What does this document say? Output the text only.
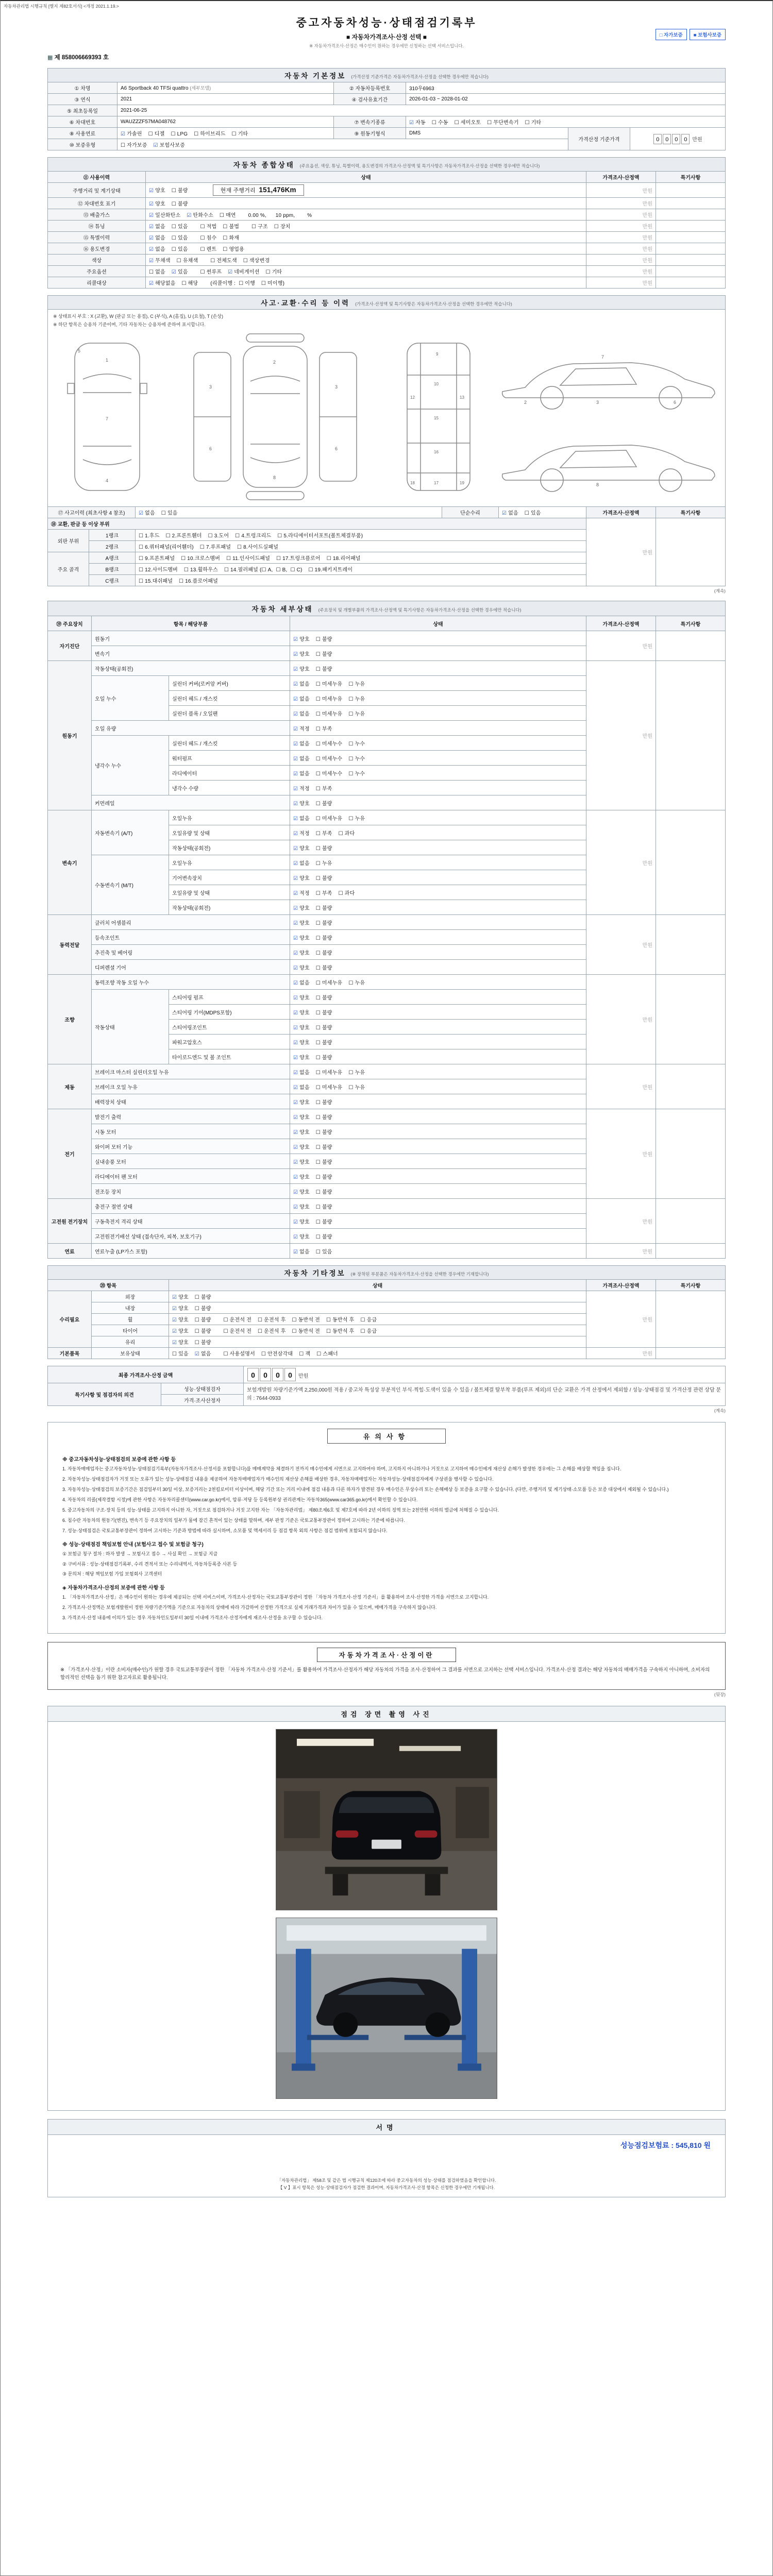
자동차관리법 시행규칙 [별지 제82호서식] <개정 2021.1.19.>
□ 자가보증	■ 보험사보증
중고자동차성능·상태점검기록부
■ 자동차가격조사·산정 선택 ■
※ 자동차가격조사·산정은 매수인이 원하는 경우에만 신청하는 선택 서비스입니다.
▦ 제 858006669393 호
자동차 기본정보 (가격산정 기준가격은 자동차가격조사·산정을 선택한 경우에만 적습니다)					
① 차명	A6 Sportback 40 TFSi quattro (세부모델)	② 자동차등록번호	310우6963		
③ 연식	2021	④ 검사유효기간	2026-01-03 ~ 2028-01-02		
⑤ 최초등록일	2021-06-25				
⑥ 차대번호	WAUZZZF57MA048762	⑦ 변속기종류	☑ 자동    ☐ 수동    ☐ 세미오토    ☐ 무단변속기    ☐ 기타		
⑧ 사용연료	☑ 가솔린    ☐ 디젤    ☐ LPG    ☐ 하이브리드    ☐ 기타	⑨ 원동기형식	DMS	가격산정 기준가격	0 0 0 0 만원
⑩ 보증유형	☐ 자가보증    ☑ 보험사보증				
자동차 종합상태 (주요옵션, 색상, 튜닝, 특별이력, 용도변경의 가격조사·산정액 및 특기사항은 자동차가격조사·산정을 선택한 경우에만 적습니다)			
⑪ 사용이력	상태	가격조사·산정액	특기사항
주행거리 및 계기상태	☑ 양호    ☐ 불량 현재 주행거리  151,476Km	만원	
⑫ 차대번호 표기	☑ 양호    ☐ 불량	만원	
⑬ 배출가스	☑ 일산화탄소    ☑ 탄화수소    ☐ 매연        0.00 %,      10 ppm,        %	만원	
⑭ 튜닝	☑ 없음    ☐ 있음        ☐ 적법    ☐ 불법        ☐ 구조    ☐ 장치	만원	
⑮ 특별이력	☑ 없음    ☐ 있음        ☐ 침수    ☐ 화재	만원	
⑯ 용도변경	☑ 없음    ☐ 있음        ☐ 렌트    ☐ 영업용	만원	
색상	☑ 무채색    ☐ 유채색        ☐ 전체도색    ☐ 색상변경	만원	
주요옵션	☐ 없음    ☑ 있음        ☐ 썬루프    ☑ 네비게이션    ☐ 기타	만원	
리콜대상	☑ 해당없음    ☐ 해당        (리콜이행 :  ☐ 이행    ☐ 미이행)	만원	
사고·교환·수리 등 이력 (가격조사·산정액 및 특기사항은 자동차가격조사·산정을 선택한 경우에만 적습니다)						

※ 상태표시 부호 : X (교환), W (판금 또는 용접), C (부식), A (흠집), U (요철), T (손상)
※ 하단 항목은 승용차 기준이며, 기타 자동차는 승용차에 준하여 표시합니다.
1
7
4
5
3
6
3
6
2
8
9
10
15
12	13
16
17
18	19
7
2	3	6
8

⑰ 사고이력 (최초사항 4 참조)		☑ 없음    ☐ 있음	단순수리	☑ 없음    ☐ 있음	가격조사·산정액	특기사항
⑱ 교환, 판금 등 이상 부위					만원	
외판 부위	1랭크	☐ 1.후드    ☐ 2.프론트휀더    ☐ 3.도어    ☐ 4.트렁크리드    ☐ 5.라디에이터서포트(볼트체결부품)				
	2랭크	☐ 6.쿼터패널(리어휀더)    ☐ 7.루프패널    ☐ 8.사이드실패널				
주요 골격	A랭크	☐ 9.프론트패널    ☐ 10.크로스멤버    ☐ 11.인사이드패널    ☐ 17.트렁크플로어    ☐ 18.리어패널				
	B랭크	☐ 12.사이드멤버    ☐ 13.휠하우스    ☐ 14.필러패널 (☐ A,  ☐ B,  ☐ C)    ☐ 19.패키지트레이				
	C랭크	☐ 15.대쉬패널    ☐ 16.플로어패널				
(계속)
자동차 세부상태 (주요장치 및 개별부품의 가격조사·산정액 및 특기사항은 자동차가격조사·산정을 선택한 경우에만 적습니다)					
⑲ 주요장치	항목 / 해당부품		상태	가격조사·산정액	특기사항
자기진단	원동기		☑ 양호    ☐ 불량	만원	
	변속기		☑ 양호    ☐ 불량		
원동기	작동상태(공회전)		☑ 양호    ☐ 불량	만원	
	오일 누수	실린더 커버(로커암 커버)	☑ 없음    ☐ 미세누유    ☐ 누유		
		실린더 헤드 / 개스킷	☑ 없음    ☐ 미세누유    ☐ 누유		
		실린더 블록 / 오일팬	☑ 없음    ☐ 미세누유    ☐ 누유		
	오일 유량		☑ 적정    ☐ 부족		
	냉각수 누수	실린더 헤드 / 개스킷	☑ 없음    ☐ 미세누수    ☐ 누수		
		워터펌프	☑ 없음    ☐ 미세누수    ☐ 누수		
		라디에이터	☑ 없음    ☐ 미세누수    ☐ 누수		
		냉각수 수량	☑ 적정    ☐ 부족		
	커먼레일		☑ 양호    ☐ 불량		
변속기	자동변속기 (A/T)	오일누유	☑ 없음    ☐ 미세누유    ☐ 누유	만원	
		오일유량 및 상태	☑ 적정    ☐ 부족    ☐ 과다		
		작동상태(공회전)	☑ 양호    ☐ 불량		
	수동변속기 (M/T)	오일누유	☑ 없음    ☐ 누유		
		기어변속장치	☑ 양호    ☐ 불량		
		오일유량 및 상태	☑ 적정    ☐ 부족    ☐ 과다		
		작동상태(공회전)	☑ 양호    ☐ 불량		
동력전달	클러치 어셈블리		☑ 양호    ☐ 불량	만원	
	등속조인트		☑ 양호    ☐ 불량		
	추진축 및 베어링		☑ 양호    ☐ 불량		
	디퍼렌셜 기어		☑ 양호    ☐ 불량		
조향	동력조향 작동 오일 누수		☑ 없음    ☐ 미세누유    ☐ 누유	만원	
	작동상태	스티어링 펌프	☑ 양호    ☐ 불량		
		스티어링 기어(MDPS포함)	☑ 양호    ☐ 불량		
		스티어링조인트	☑ 양호    ☐ 불량		
		파워고압호스	☑ 양호    ☐ 불량		
		타이로드엔드 및 볼 조인트	☑ 양호    ☐ 불량		
제동	브레이크 마스터 실린더오일 누유		☑ 없음    ☐ 미세누유    ☐ 누유	만원	
	브레이크 오일 누유		☑ 없음    ☐ 미세누유    ☐ 누유		
	배력장치 상태		☑ 양호    ☐ 불량		
전기	발전기 출력		☑ 양호    ☐ 불량	만원	
	시동 모터		☑ 양호    ☐ 불량		
	와이퍼 모터 기능		☑ 양호    ☐ 불량		
	실내송풍 모터		☑ 양호    ☐ 불량		
	라디에이터 팬 모터		☑ 양호    ☐ 불량		
	전조등 장치		☑ 양호    ☐ 불량		
고전원 전기장치	충전구 절연 상태		☑ 양호    ☐ 불량	만원	
	구동축전지 격리 상태		☑ 양호    ☐ 불량		
	고전원전기배선 상태 (접속단자, 피복, 보호기구)		☑ 양호    ☐ 불량		
연료	연료누출 (LP가스 포함)		☑ 없음    ☐ 있음	만원	
자동차 기타정보 (※ 장착된 부분품은 자동차가격조사·산정을 선택한 경우에만 기재합니다)				
⑳ 항목		상태	가격조사·산정액	특기사항
수리필요	외장	☑ 양호    ☐ 불량	만원	
	내장	☑ 양호    ☐ 불량		
	휠	☑ 양호    ☐ 불량        ☐ 운전석 전    ☐ 운전석 후    ☐ 동반석 전    ☐ 동반석 후    ☐ 응급		
	타이어	☑ 양호    ☐ 불량        ☐ 운전석 전    ☐ 운전석 후    ☐ 동반석 전    ☐ 동반석 후    ☐ 응급		
	유리	☑ 양호    ☐ 불량		
기본품목	보유상태	☐ 있음    ☑ 없음        ☐ 사용설명서    ☐ 안전삼각대    ☐ 잭    ☐ 스패너	만원	
최종 가격조사·산정 금액		0 0 0 0 만원
특기사항 및 점검자의 의견	성능·상태점검자	보험개발원 차량기준가액 2,250,000원 적용 / 중고차 특성상 부분적인 부식·찍힘·도색이 있을 수 있음 / 볼트체결 탈부착 부품(루프 제외)의 단순 교환은 가격 산정에서 제외함 / 성능·상태점검 및 가격산정 관련 상담 문의 : 7644-0933
	가격·조사산정자	
(계속)
유의사항
※ 중고자동차성능·상태점검의 보증에 관한 사항 등
1. 자동차매매업자는 중고자동차성능·상태점검기록부(자동차가격조사·산정서를 포함합니다)를 매매계약을 체결하기 전까지 매수인에게 서면으로 고지하여야 하며, 고지하지 아니하거나 거짓으로 고지하여 매수인에게 재산상 손해가 발생한 경우에는 그 손해를 배상할 책임을 집니다.
2. 자동차성능·상태점검자가 거짓 또는 오류가 있는 성능·상태점검 내용을 제공하여 자동차매매업자가 매수인의 재산상 손해를 배상한 경우, 자동차매매업자는 자동차성능·상태점검자에게 구상권을 행사할 수 있습니다.
3. 자동차성능·상태점검의 보증기간은 점검일부터 30일 이상, 보증거리는 2천킬로미터 이상이며, 해당 기간 또는 거리 이내에 점검 내용과 다른 하자가 발견된 경우 매수인은 무상수리 또는 손해배상 등 보증을 요구할 수 있습니다. (다만, 주행거리 및 계기상태·소모품 등은 보증 대상에서 제외될 수 있습니다.)
4. 자동차의 리콜(제작결함 시정)에 관한 사항은 자동차리콜센터(www.car.go.kr)에서, 압류·저당 등 등록원부상 권리관계는 자동차365(www.car365.go.kr)에서 확인할 수 있습니다.
5. 중고자동차의 구조·장치 등의 성능·상태를 고지하지 아니한 자, 거짓으로 점검하거나 거짓 고지한 자는 「자동차관리법」 제80조제6호 및 제7호에 따라 2년 이하의 징역 또는 2천만원 이하의 벌금에 처해질 수 있습니다.
6. 침수란 자동차의 원동기(엔진), 변속기 등 주요장치의 일부가 물에 잠긴 흔적이 있는 상태를 말하며, 세부 판정 기준은 국토교통부장관이 정하여 고시하는 기준에 따릅니다.
7. 성능·상태점검은 국토교통부장관이 정하여 고시하는 기준과 방법에 따라 실시하며, 소모품 및 액세서리 등 점검 항목 외의 사항은 점검 범위에 포함되지 않습니다.
※ 성능·상태점검 책임보험 안내 (보험사고 접수 및 보험금 청구)
① 보험금 청구 절차 : 하자 발생 → 보험사고 접수 → 사실 확인 → 보험금 지급
② 구비서류 : 성능·상태점검기록부, 수리 견적서 또는 수리내역서, 자동차등록증 사본 등
③ 문의처 : 해당 책임보험 가입 보험회사 고객센터
◈ 자동차가격조사·산정의 보증에 관한 사항 등
1. 「자동차가격조사·산정」은 매수인이 원하는 경우에 제공되는 선택 서비스이며, 가격조사·산정자는 국토교통부장관이 정한 「자동차 가격조사·산정 기준서」를 활용하여 조사·산정한 가격을 서면으로 고지합니다.
2. 가격조사·산정액은 보험개발원이 정한 차량기준가액을 기준으로 자동차의 상태에 따라 가감하여 산정한 가격으로 실제 거래가격과 차이가 있을 수 있으며, 매매가격을 구속하지 않습니다.
3. 가격조사·산정 내용에 이의가 있는 경우 자동차인도일부터 30일 이내에 가격조사·산정자에게 재조사·산정을 요구할 수 있습니다.
자동차가격조사·산정이란
※ 「가격조사·산정」이란 소비자(매수인)가 원할 경우 국토교통부장관이 정한 「자동차 가격조사·산정 기준서」를 활용하여 가격조사·산정자가 해당 자동차의 가격을 조사·산정하여 그 결과를 서면으로 고지하는 선택 서비스입니다. 가격조사·산정 결과는 해당 자동차의 매매가격을 구속하지 아니하며, 소비자의 합리적인 선택을 돕기 위한 참고자료로 활용됩니다.
(뒷장)
점검 장면 촬영 사진
서명
성능점검보험료 : 545,810 원
「자동차관리법」 제58조 및 같은 법 시행규칙 제120조에 따라 중고자동차의 성능·상태를 점검하였음을 확인합니다.
【 V 】표시 항목은 성능·상태점검자가 점검한 결과이며, 자동차가격조사·산정 항목은 신청한 경우에만 기재됩니다.
